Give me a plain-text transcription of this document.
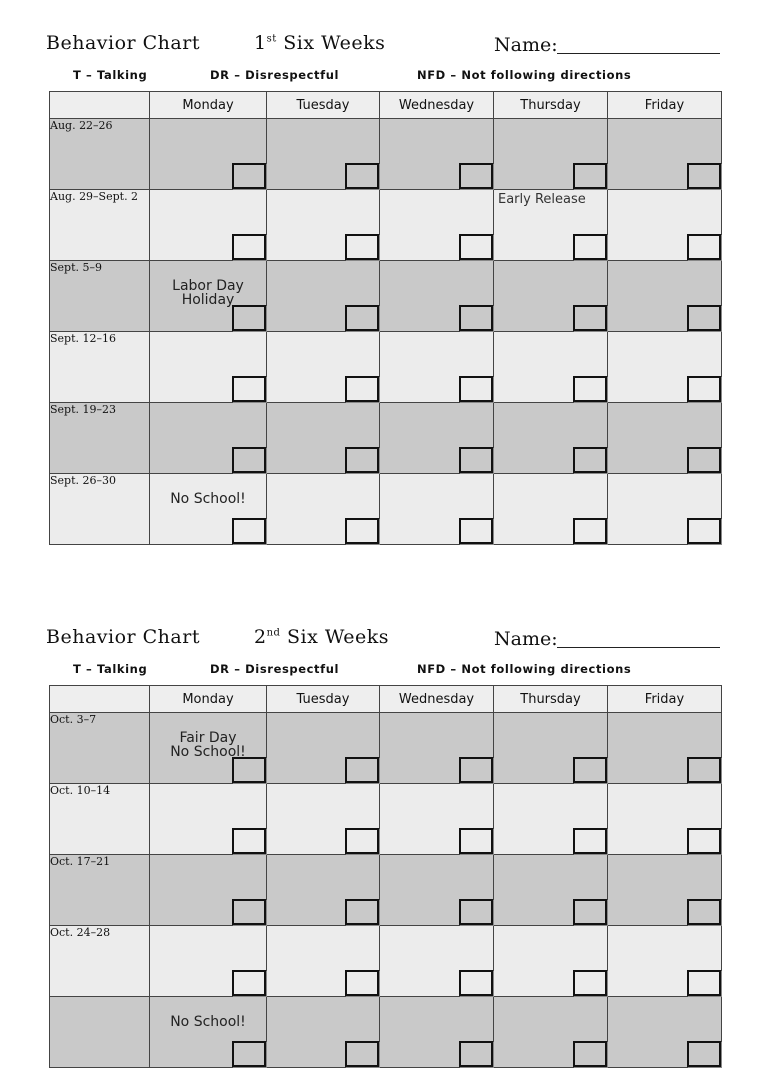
Behavior Chart	1st Six Weeks	Name:
T – Talking	DR – Disrespectful	NFD – Not following directions
	Monday	Tuesday	Wednesday	Thursday	Friday
Aug. 22–26	

Aug. 29–Sept. 2				Early Release	

Sept. 5–9	Labor Day
Holiday				

Sept. 12–16	

Sept. 19–23	

Sept. 26–30	No School!				

Behavior Chart	2nd Six Weeks	Name:
T – Talking	DR – Disrespectful	NFD – Not following directions
	Monday	Tuesday	Wednesday	Thursday	Friday
Oct. 3–7	Fair Day
No School!				

Oct. 10–14	

Oct. 17–21	

Oct. 24–28	

	No School!				
